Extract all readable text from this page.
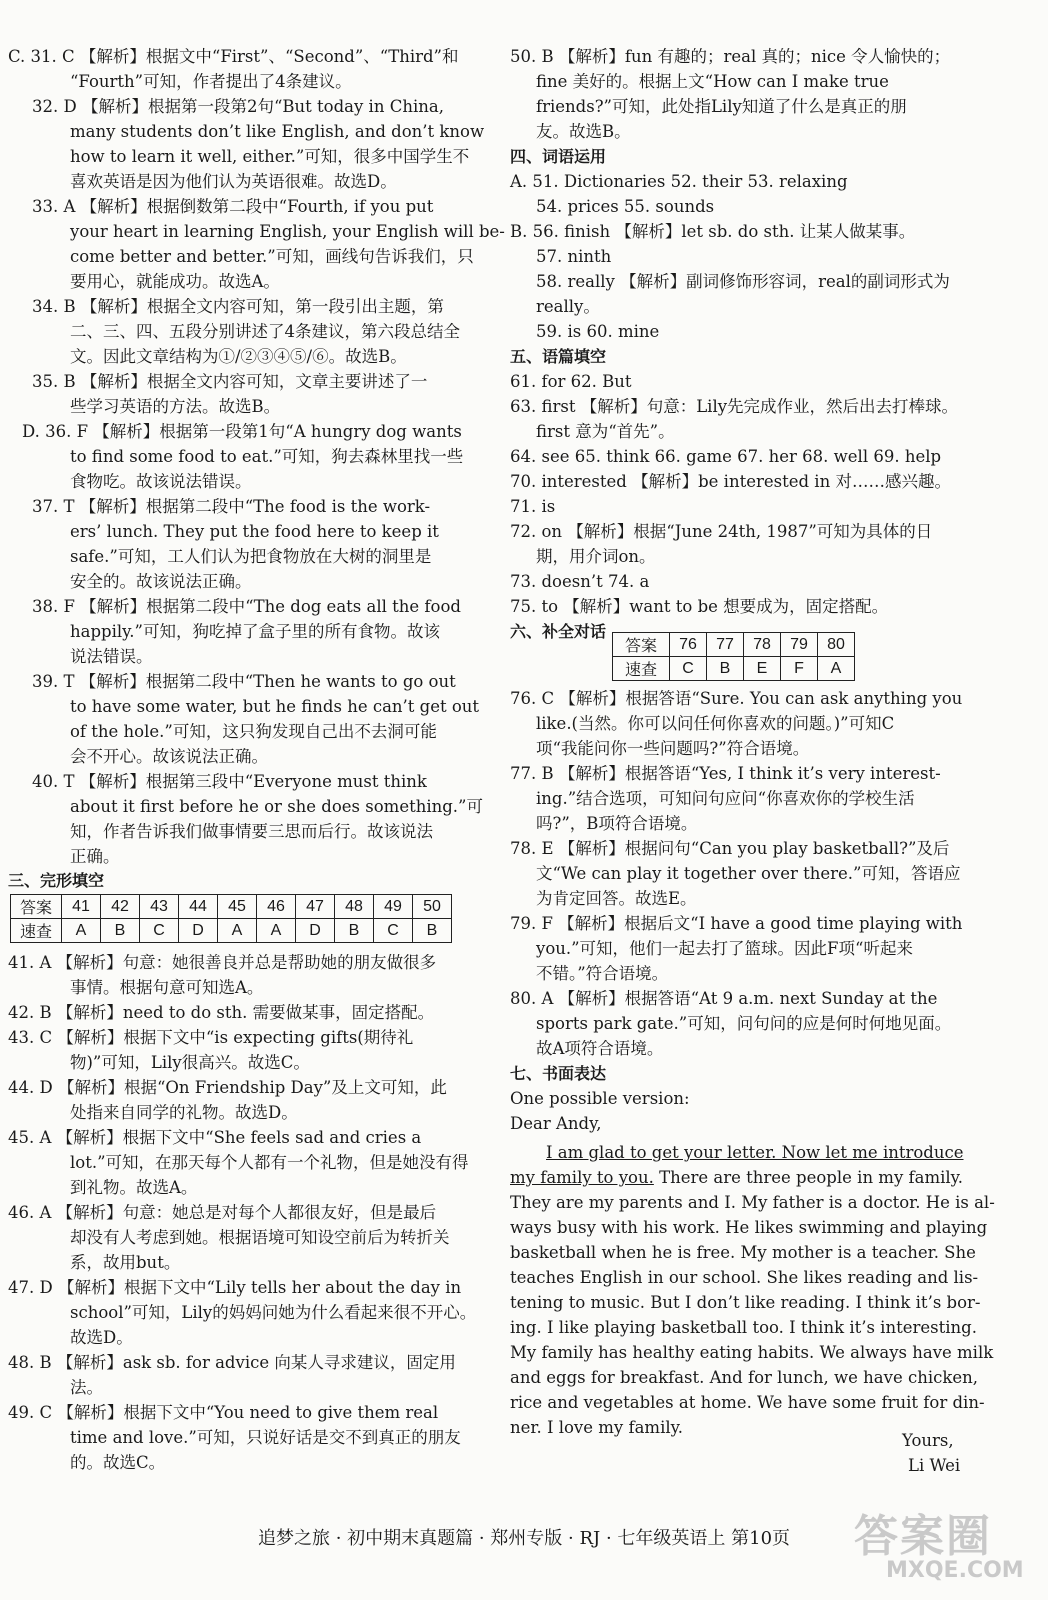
C. 31. C 【解析】根据文中“First”、“Second”、“Third”和
“Fourth”可知，作者提出了4条建议。
32. D 【解析】根据第一段第2句“But today in China,
many students don’t like English, and don’t know
how to learn it well, either.”可知，很多中国学生不
喜欢英语是因为他们认为英语很难。故选D。
33. A 【解析】根据倒数第二段中“Fourth, if you put
your heart in learning English, your English will be-
come better and better.”可知，画线句告诉我们，只
要用心，就能成功。故选A。
34. B 【解析】根据全文内容可知，第一段引出主题，第
二、三、四、五段分别讲述了4条建议，第六段总结全
文。因此文章结构为①/②③④⑤/⑥。故选B。
35. B 【解析】根据全文内容可知，文章主要讲述了一
些学习英语的方法。故选B。
D. 36. F 【解析】根据第一段第1句“A hungry dog wants
to find some food to eat.”可知，狗去森林里找一些
食物吃。故该说法错误。
37. T 【解析】根据第二段中“The food is the work-
ers’ lunch. They put the food here to keep it
safe.”可知，工人们认为把食物放在大树的洞里是
安全的。故该说法正确。
38. F 【解析】根据第二段中“The dog eats all the food
happily.”可知，狗吃掉了盒子里的所有食物。故该
说法错误。
39. T 【解析】根据第二段中“Then he wants to go out
to have some water, but he finds he can’t get out
of the hole.”可知，这只狗发现自己出不去洞可能
会不开心。故该说法正确。
40. T 【解析】根据第三段中“Everyone must think
about it first before he or she does something.”可
知，作者告诉我们做事情要三思而后行。故该说法
正确。
三、完形填空
答案	41	42	43	44	45	46	47	48	49	50
速查	A	B	C	D	A	A	D	B	C	B
41. A 【解析】句意：她很善良并总是帮助她的朋友做很多
事情。根据句意可知选A。
42. B 【解析】need to do sth. 需要做某事，固定搭配。
43. C 【解析】根据下文中“is expecting gifts(期待礼
物)”可知，Lily很高兴。故选C。
44. D 【解析】根据“On Friendship Day”及上文可知，此
处指来自同学的礼物。故选D。
45. A 【解析】根据下文中“She feels sad and cries a
lot.”可知，在那天每个人都有一个礼物，但是她没有得
到礼物。故选A。
46. A 【解析】句意：她总是对每个人都很友好，但是最后
却没有人考虑到她。根据语境可知设空前后为转折关
系，故用but。
47. D 【解析】根据下文中“Lily tells her about the day in
school”可知，Lily的妈妈问她为什么看起来很不开心。
故选D。
48. B 【解析】ask sb. for advice 向某人寻求建议，固定用
法。
49. C 【解析】根据下文中“You need to give them real
time and love.”可知，只说好话是交不到真正的朋友
的。故选C。
50. B 【解析】fun 有趣的；real 真的；nice 令人愉快的；
fine 美好的。根据上文“How can I make true
friends?”可知，此处指Lily知道了什么是真正的朋
友。故选B。
四、词语运用
A. 51. Dictionaries 52. their 53. relaxing
54. prices 55. sounds
B. 56. finish 【解析】let sb. do sth. 让某人做某事。
57. ninth
58. really 【解析】副词修饰形容词，real的副词形式为
really。
59. is 60. mine
五、语篇填空
61. for 62. But
63. first 【解析】句意：Lily先完成作业，然后出去打棒球。
first 意为“首先”。
64. see 65. think 66. game 67. her 68. well 69. help
70. interested 【解析】be interested in 对……感兴趣。
71. is
72. on 【解析】根据“June 24th, 1987”可知为具体的日
期，用介词on。
73. doesn’t 74. a
75. to 【解析】want to be 想要成为，固定搭配。
六、补全对话
答案	76	77	78	79	80
速查	C	B	E	F	A
76. C 【解析】根据答语“Sure. You can ask anything you
like.(当然。你可以问任何你喜欢的问题。)”可知C
项“我能问你一些问题吗?”符合语境。
77. B 【解析】根据答语“Yes, I think it’s very interest-
ing.”结合选项，可知问句应问“你喜欢你的学校生活
吗?”，B项符合语境。
78. E 【解析】根据问句“Can you play basketball?”及后
文“We can play it together over there.”可知，答语应
为肯定回答。故选E。
79. F 【解析】根据后文“I have a good time playing with
you.”可知，他们一起去打了篮球。因此F项“听起来
不错。”符合语境。
80. A 【解析】根据答语“At 9 a.m. next Sunday at the
sports park gate.”可知，问句问的应是何时何地见面。
故A项符合语境。
七、书面表达
One possible version:
Dear Andy,
I am glad to get your letter. Now let me introduce
my family to you. There are three people in my family.
They are my parents and I. My father is a doctor. He is al-
ways busy with his work. He likes swimming and playing
basketball when he is free. My mother is a teacher. She
teaches English in our school. She likes reading and lis-
tening to music. But I don’t like reading. I think it’s bor-
ing. I like playing basketball too. I think it’s interesting.
My family has healthy eating habits. We always have milk
and eggs for breakfast. And for lunch, we have chicken,
rice and vegetables at home. We have some fruit for din-
ner. I love my family.
Yours,
Li Wei
追梦之旅 · 初中期末真题篇 · 郑州专版 · RJ · 七年级英语上 第10页	答案圈
MXQE.COM
